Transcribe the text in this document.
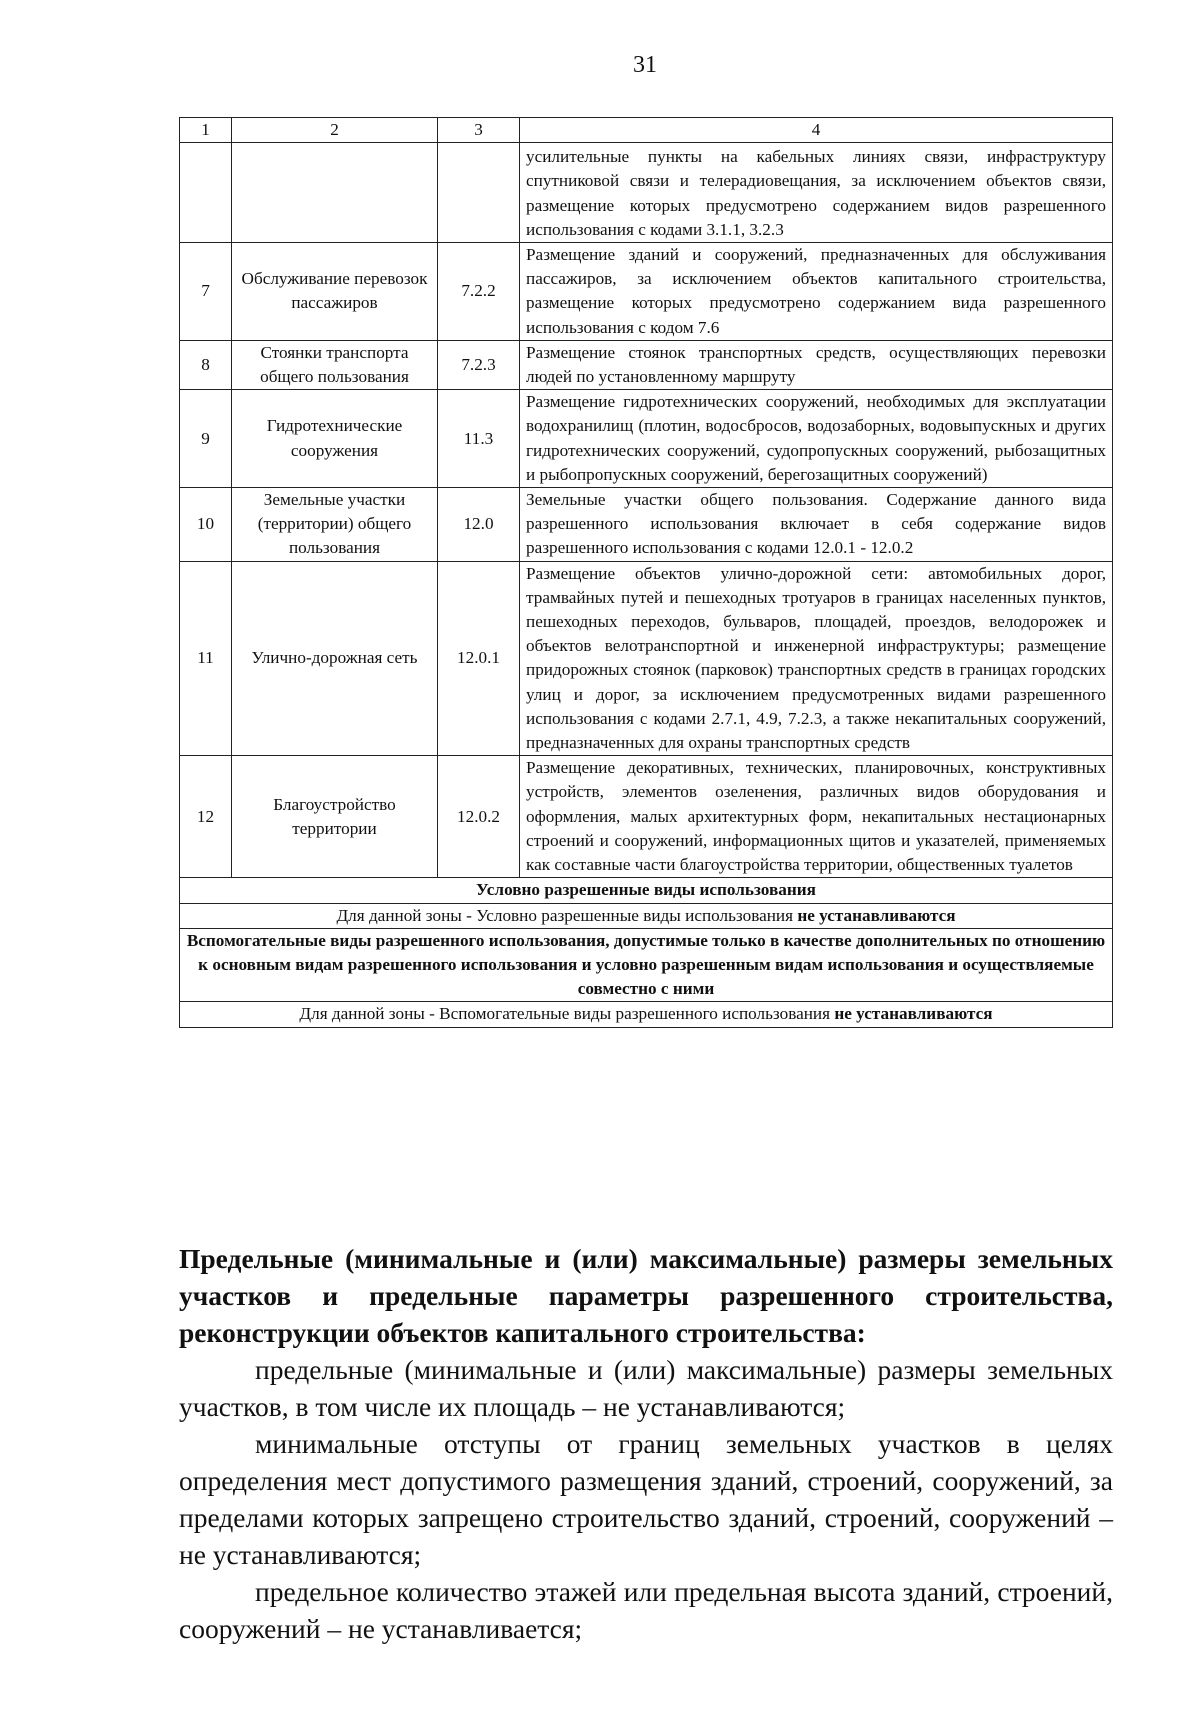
31
1	2	3	4
			усилительные пункты на кабельных линиях связи, инфраструктуру спутниковой связи и телерадиовещания, за исключением объектов связи, размещение которых предусмотрено содержанием видов разрешенного использования с кодами 3.1.1, 3.2.3
7	Обслуживание перевозок пассажиров	7.2.2	Размещение зданий и сооружений, предназначенных для обслуживания пассажиров, за исключением объектов капитального строительства, размещение которых предусмотрено содержанием вида разрешенного использования с кодом 7.6
8	Стоянки транспорта общего пользования	7.2.3	Размещение стоянок транспортных средств, осуществляющих перевозки людей по установленному маршруту
9	Гидротехнические сооружения	11.3	Размещение гидротехнических сооружений, необходимых для эксплуатации водохранилищ (плотин, водосбросов, водозаборных, водовыпускных и других гидротехнических сооружений, судопропускных сооружений, рыбозащитных и рыбопропускных сооружений, берегозащитных сооружений)
10	Земельные участки (территории) общего пользования	12.0	Земельные участки общего пользования. Содержание данного вида разрешенного использования включает в себя содержание видов разрешенного использования с кодами 12.0.1 - 12.0.2
11	Улично-дорожная сеть	12.0.1	Размещение объектов улично-дорожной сети: автомобильных дорог, трамвайных путей и пешеходных тротуаров в границах населенных пунктов, пешеходных переходов, бульваров, площадей, проездов, велодорожек и объектов велотранспортной и инженерной инфраструктуры; размещение придорожных стоянок (парковок) транспортных средств в границах городских улиц и дорог, за исключением предусмотренных видами разрешенного использования с кодами 2.7.1, 4.9, 7.2.3, а также некапитальных сооружений, предназначенных для охраны транспортных средств
12	Благоустройство территории	12.0.2	Размещение декоративных, технических, планировочных, конструктивных устройств, элементов озеленения, различных видов оборудования и оформления, малых архитектурных форм, некапитальных нестационарных строений и сооружений, информационных щитов и указателей, применяемых как составные части благоустройства территории, общественных туалетов
Условно разрешенные виды использования			
Для данной зоны - Условно разрешенные виды использования не устанавливаются			
Вспомогательные виды разрешенного использования, допустимые только в качестве дополнительных по отношению к основным видам разрешенного использования и условно разрешенным видам использования и осуществляемые совместно с ними			
Для данной зоны - Вспомогательные виды разрешенного использования не устанавливаются			

Предельные (минимальные и (или) максимальные) размеры земельных участков и предельные параметры разрешенного строительства, реконструкции объектов капитального строительства:

предельные (минимальные и (или) максимальные) размеры земельных участков, в том числе их площадь – не устанавливаются;

минимальные отступы от границ земельных участков в целях определения мест допустимого размещения зданий, строений, сооружений, за пределами которых запрещено строительство зданий, строений, сооружений – не устанавливаются;

предельное количество этажей или предельная высота зданий, строений, сооружений – не устанавливается;
